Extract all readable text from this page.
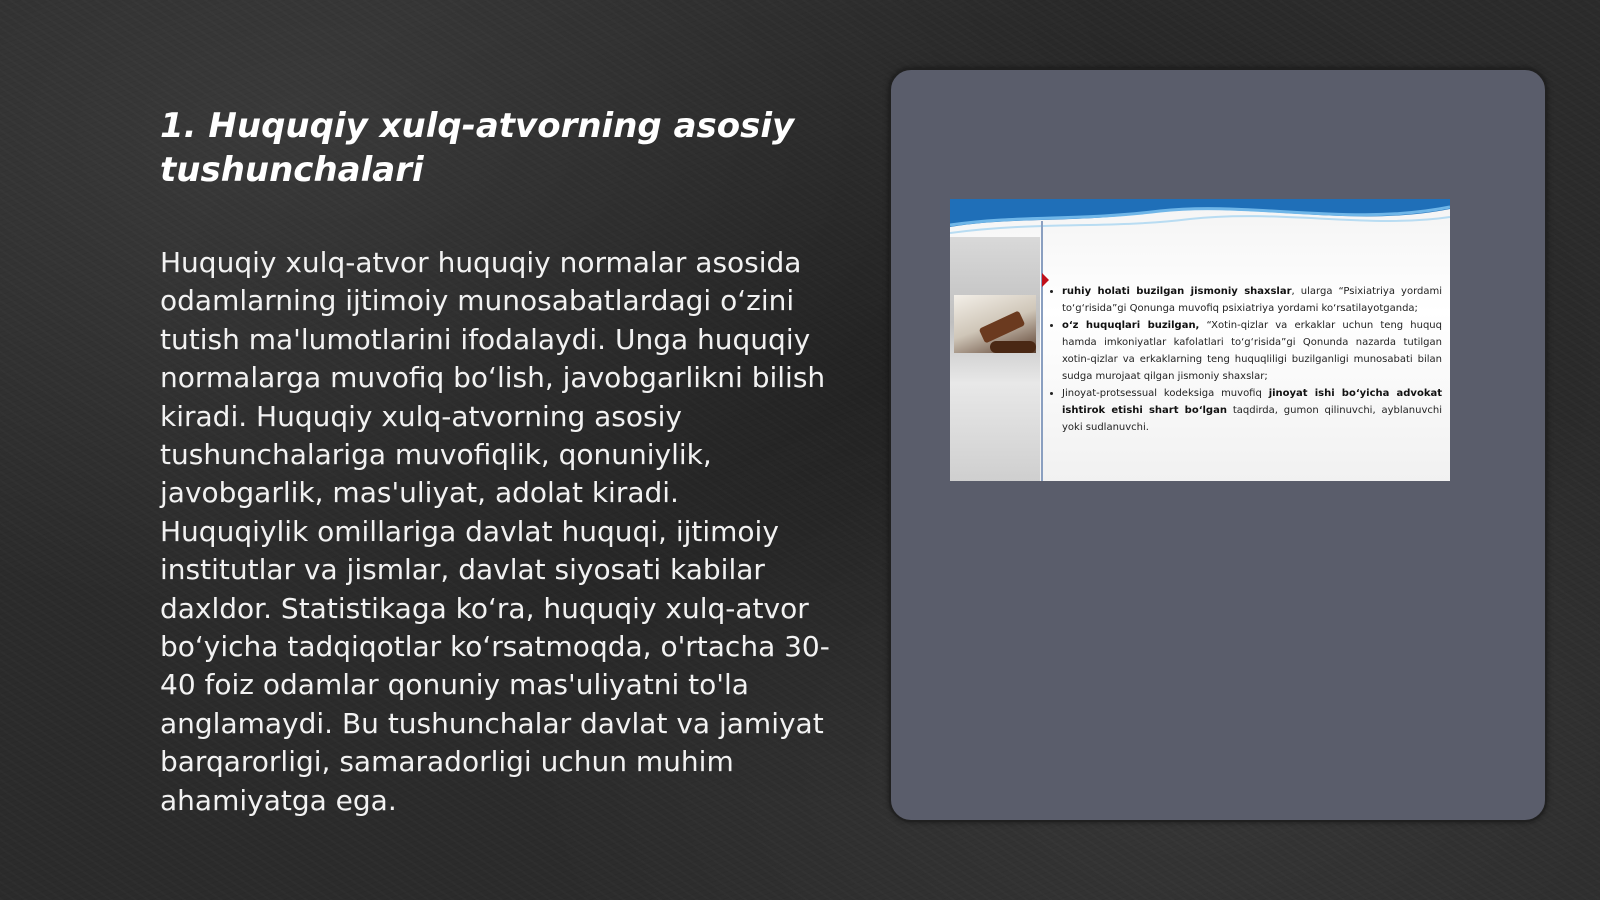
1. Huquqiy xulq-atvorning asosiy tushunchalari

Huquqiy xulq-atvor huquqiy normalar asosida odamlarning ijtimoiy munosabatlardagi o‘zini tutish ma'lumotlarini ifodalaydi. Unga huquqiy normalarga muvofiq bo‘lish, javobgarlikni bilish kiradi. Huquqiy xulq-atvorning asosiy tushunchalariga muvofiqlik, qonuniylik, javobgarlik, mas'uliyat, adolat kiradi. Huquqiylik omillariga davlat huquqi, ijtimoiy institutlar va jismlar, davlat siyosati kabilar daxldor. Statistikaga ko‘ra, huquqiy xulq-atvor bo‘yicha tadqiqotlar ko‘rsatmoqda, o'rtacha 30-40 foiz odamlar qonuniy mas'uliyatni to'la anglamaydi. Bu tushunchalar davlat va jamiyat barqarorligi, samaradorligi uchun muhim ahamiyatga ega.

• ruhiy holati buzilgan jismoniy shaxslar, ularga “Psixiatriya yordami to‘g‘risida”gi Qonunga muvofiq psixiatriya yordami ko‘rsatilayotganda;
• o‘z huquqlari buzilgan, “Xotin-qizlar va erkaklar uchun teng huquq hamda imkoniyatlar kafolatlari to‘g‘risida”gi Qonunda nazarda tutilgan xotin-qizlar va erkaklarning teng huquqliligi buzilganligi munosabati bilan sudga murojaat qilgan jismoniy shaxslar;
• Jinoyat-protsessual kodeksiga muvofiq jinoyat ishi bo‘yicha advokat ishtirok etishi shart bo‘lgan taqdirda, gumon qilinuvchi, ayblanuvchi yoki sudlanuvchi.
